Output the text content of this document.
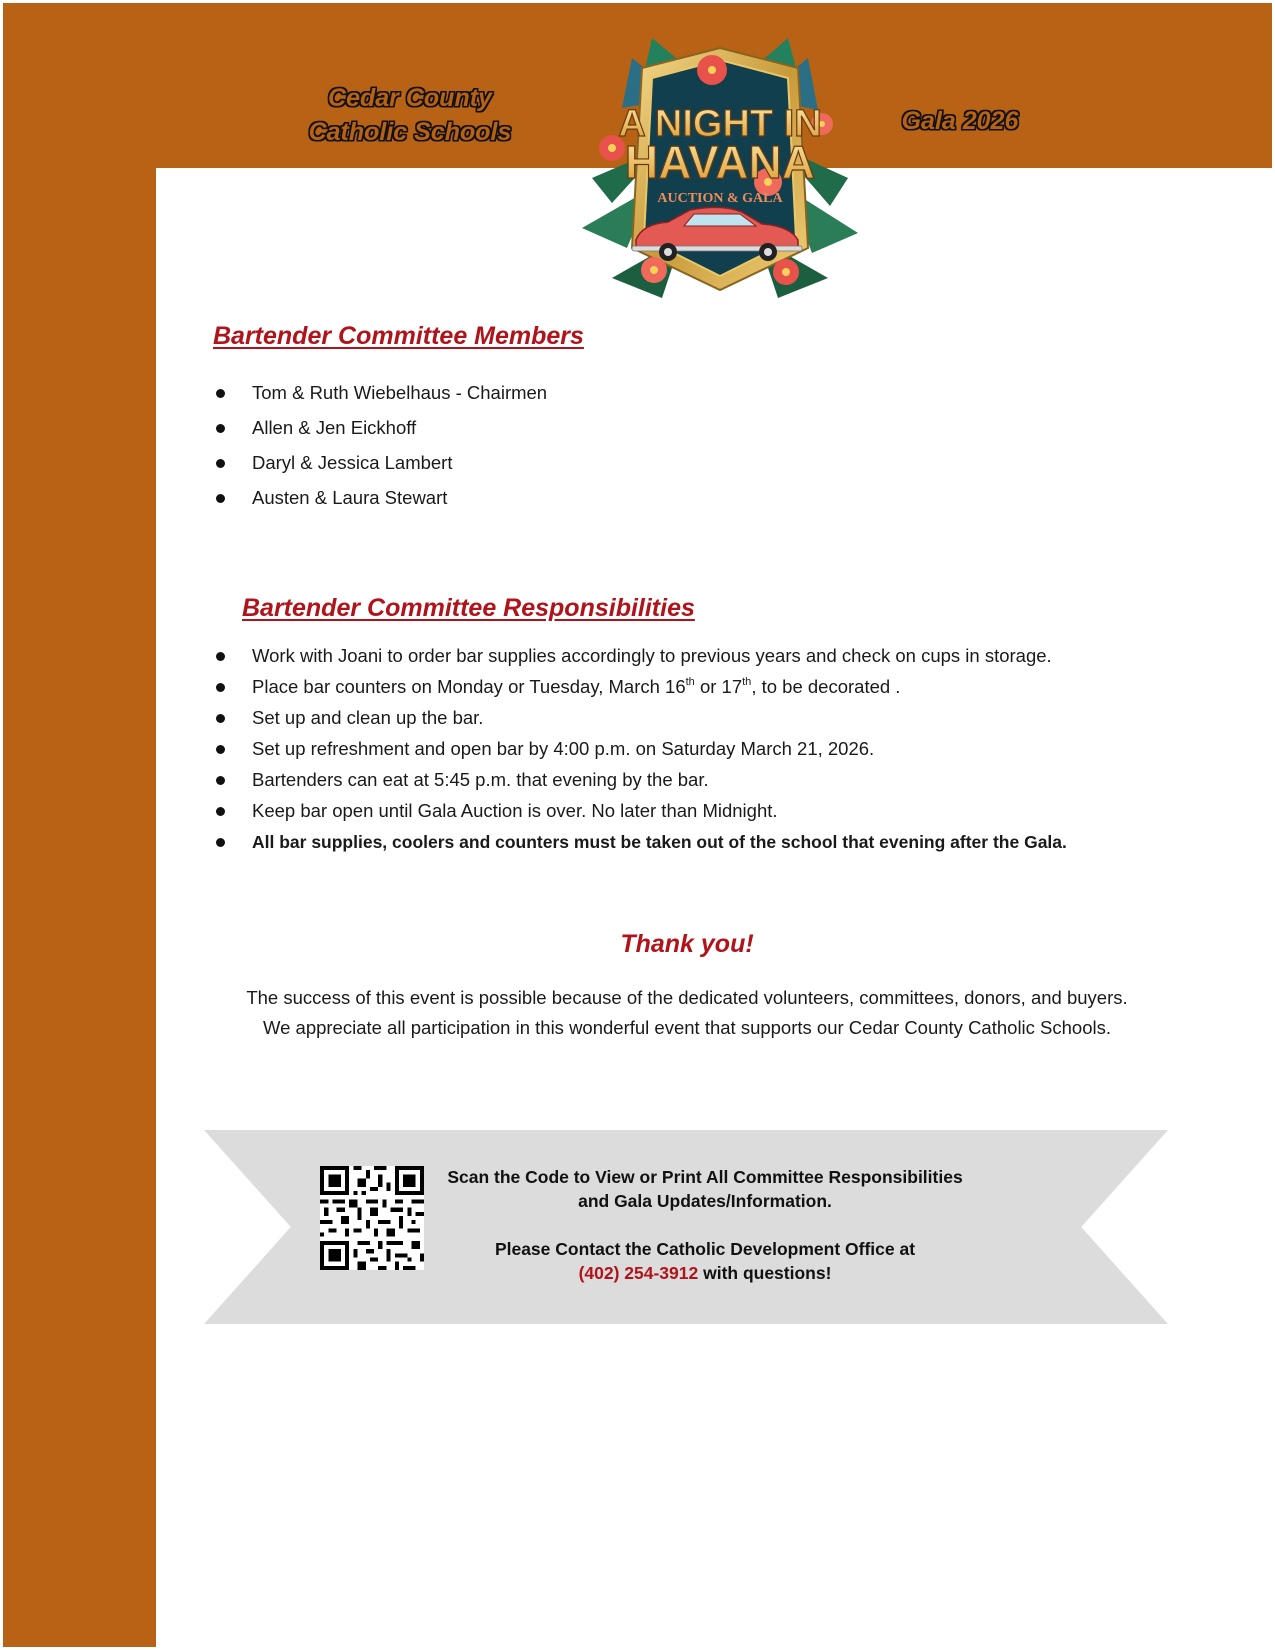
Cedar County
Catholic Schools	Gala 2026
A NIGHT IN
HAVANA
AUCTION & GALA
Bartender Committee Members
Tom & Ruth Wiebelhaus - Chairmen
Allen & Jen Eickhoff
Daryl & Jessica Lambert
Austen & Laura Stewart
Bartender Committee Responsibilities
Work with Joani to order bar supplies accordingly to previous years and check on cups in storage.
Place bar counters on Monday or Tuesday, March 16th or 17th, to be decorated .
Set up and clean up the bar.
Set up refreshment and open bar by 4:00 p.m. on Saturday March 21, 2026.
Bartenders can eat at 5:45 p.m. that evening by the bar.
Keep bar open until Gala Auction is over. No later than Midnight.
All bar supplies, coolers and counters must be taken out of the school that evening after the Gala.
Thank you!
The success of this event is possible because of the dedicated volunteers, committees, donors, and buyers.
We appreciate all participation in this wonderful event that supports our Cedar County Catholic Schools.
Scan the Code to View or Print All Committee Responsibilities
and Gala Updates/Information.
Please Contact the Catholic Development Office at
(402) 254-3912 with questions!
